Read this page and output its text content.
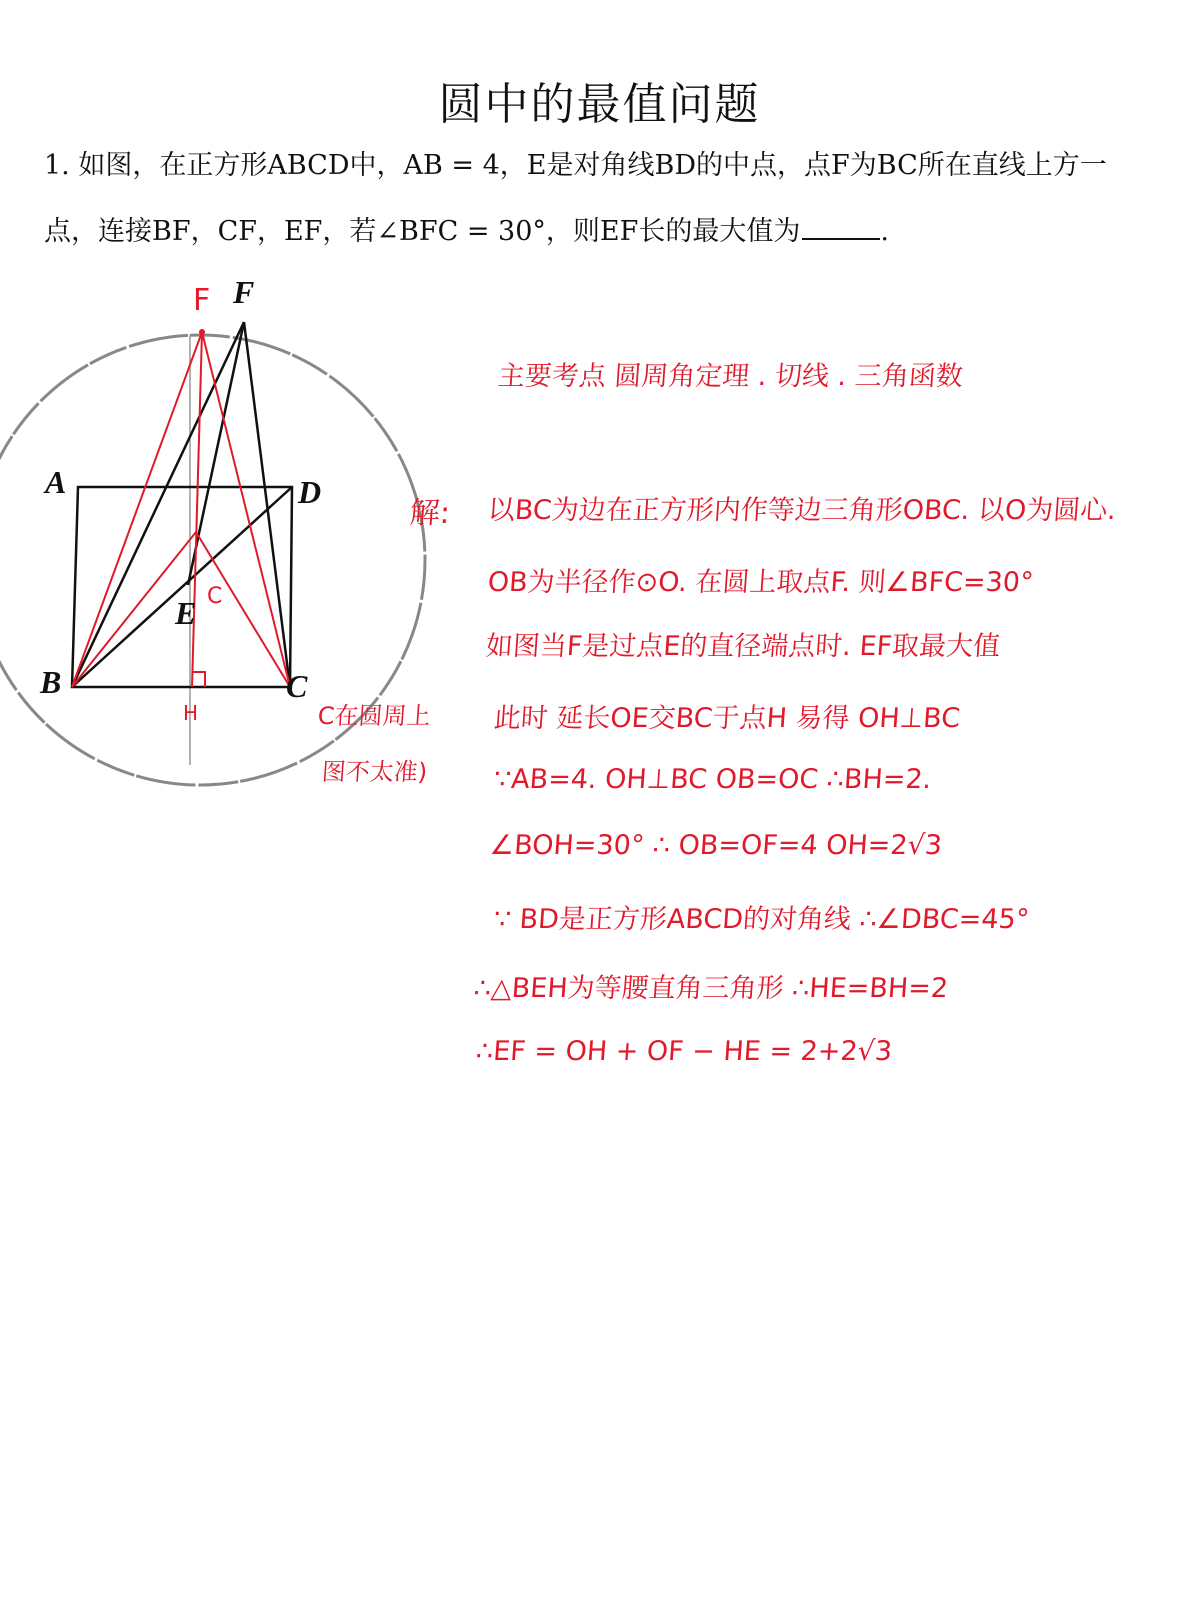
圆中的最值问题
1. 如图，在正方形ABCD中，AB = 4，E是对角线BD的中点，点F为BC所在直线上方一
点，连接BF，CF，EF，若∠BFC = 30°，则EF长的最大值为	.
A	D
B	C
E
F
F
C
H	C在圆周上
图不太准)
主要考点 圆周角定理 . 切线 . 三角函数
解: 以BC为边在正方形内作等边三角形OBC. 以O为圆心.
OB为半径作⊙O. 在圆上取点F. 则∠BFC=30°
如图当F是过点E的直径端点时. EF取最大值
此时 延长OE交BC于点H 易得 OH⊥BC
∵AB=4. OH⊥BC OB=OC ∴BH=2.
∠BOH=30° ∴ OB=OF=4 OH=2√3
∵ BD是正方形ABCD的对角线 ∴∠DBC=45°
∴△BEH为等腰直角三角形 ∴HE=BH=2
∴EF = OH + OF − HE = 2+2√3
